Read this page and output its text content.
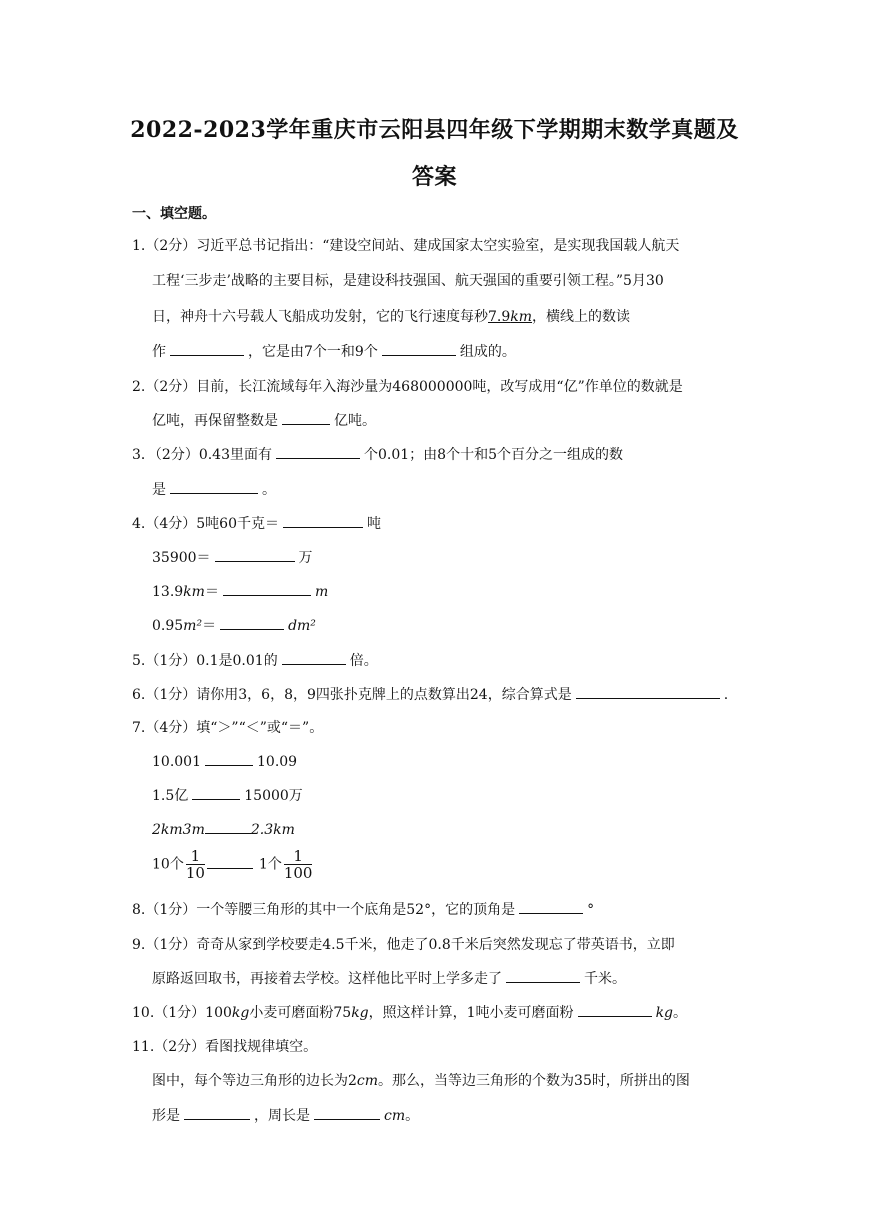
2022-2023学年重庆市云阳县四年级下学期期末数学真题及
答案
一、填空题。
1.（2分）习近平总书记指出：“建设空间站、建成国家太空实验室，是实现我国载人航天
工程‘三步走’战略的主要目标，是建设科技强国、航天强国的重要引领工程。”5月30
日，神舟十六号载人飞船成功发射，它的飞行速度每秒7.9km，横线上的数读
作	，它是由7个一和9个	组成的。
2.（2分）目前，长江流域每年入海沙量为468000000吨，改写成用“亿”作单位的数就是
亿吨，再保留整数是	亿吨。
3．（2分）0.43里面有	个0.01；由8个十和5个百分之一组成的数
是	。
4.（4分）5吨60千克＝	吨
35900＝	万
13.9km＝	m
0.95m²＝	dm²
5.（1分）0.1是0.01的	倍。
6.（1分）请你用3，6，8，9四张扑克牌上的点数算出24，综合算式是	.
7.（4分）填“＞”“＜”或“＝”。
10.001	10.09
1.5亿	15000万
2km3m	2.3km
10个 $\frac{1}{10}$	1个 $\frac{1}{100}$
8.（1分）一个等腰三角形的其中一个底角是52°，它的顶角是	°
9.（1分）奇奇从家到学校要走4.5千米，他走了0.8千米后突然发现忘了带英语书，立即
原路返回取书，再接着去学校。这样他比平时上学多走了	千米。
10.（1分）100kg小麦可磨面粉75kg，照这样计算，1吨小麦可磨面粉	kg。
11.（2分）看图找规律填空。
图中，每个等边三角形的边长为2cm。那么，当等边三角形的个数为35时，所拼出的图
形是	，周长是	cm。
